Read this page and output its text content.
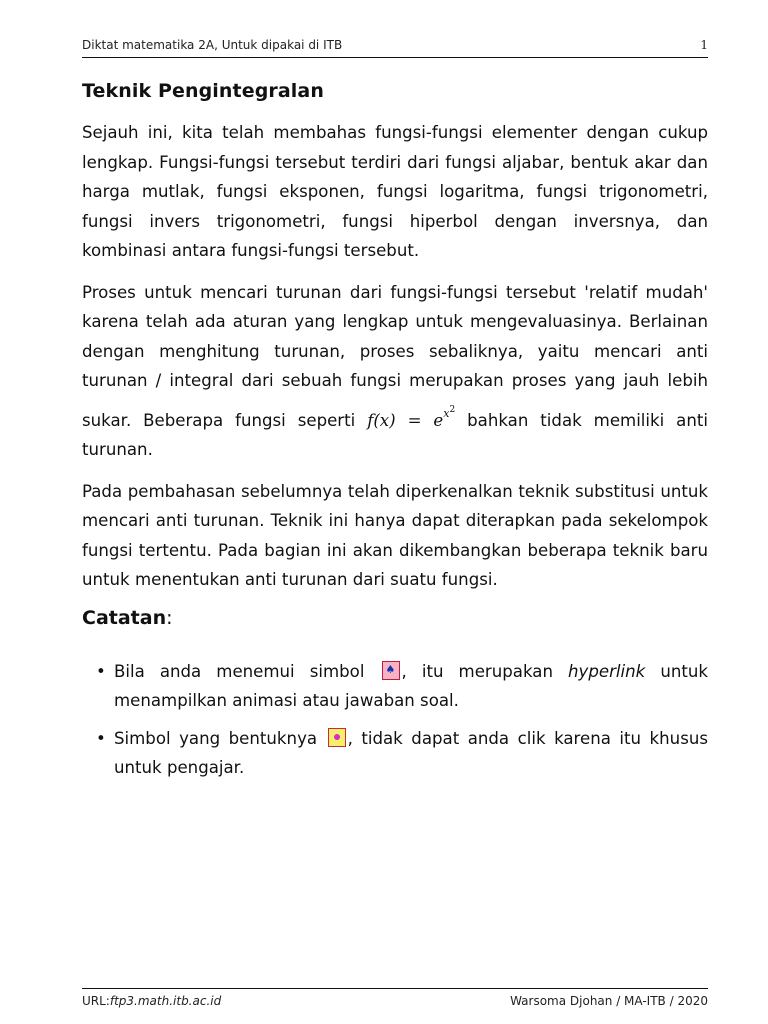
Diktat matematika 2A, Untuk dipakai di ITB	1
Teknik Pengintegralan

Sejauh ini, kita telah membahas fungsi-fungsi elementer dengan cukup lengkap. Fungsi-fungsi tersebut terdiri dari fungsi aljabar, bentuk akar dan harga mutlak, fungsi eksponen, fungsi logaritma, fungsi trigonometri, fungsi invers trigonometri, fungsi hiperbol dengan inversnya, dan kombinasi antara fungsi-fungsi tersebut.

Proses untuk mencari turunan dari fungsi-fungsi tersebut 'relatif mudah' karena telah ada aturan yang lengkap untuk mengevaluasinya. Berlainan dengan menghitung turunan, proses sebaliknya, yaitu mencari anti turunan / integral dari sebuah fungsi merupakan proses yang jauh lebih sukar. Beberapa fungsi seperti $f(x) = e^{x^2}$ bahkan tidak memiliki anti turunan.

Pada pembahasan sebelumnya telah diperkenalkan teknik substitusi untuk mencari anti turunan. Teknik ini hanya dapat diterapkan pada sekelompok fungsi tertentu. Pada bagian ini akan dikembangkan beberapa teknik baru untuk menentukan anti turunan dari suatu fungsi.

Catatan:
• Bila anda menemui simbol ♠ , itu merupakan hyperlink untuk menampilkan animasi atau jawaban soal.
• Simbol yang bentuknya , tidak dapat anda clik karena itu khusus untuk pengajar.
URL:ftp3.math.itb.ac.id	Warsoma Djohan / MA-ITB / 2020
